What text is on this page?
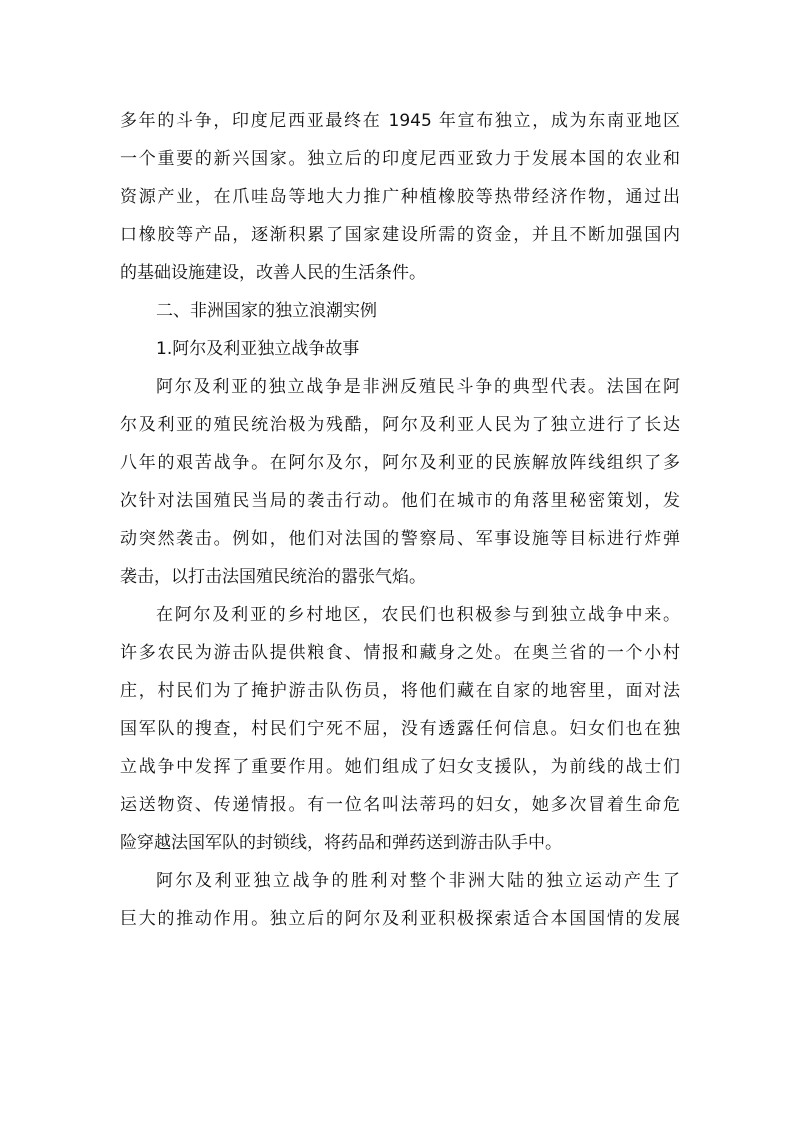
多年的斗争，印度尼西亚最终在 1945 年宣布独立，成为东南亚地区
一个重要的新兴国家。独立后的印度尼西亚致力于发展本国的农业和
资源产业，在爪哇岛等地大力推广种植橡胶等热带经济作物，通过出
口橡胶等产品，逐渐积累了国家建设所需的资金，并且不断加强国内
的基础设施建设，改善人民的生活条件。
二、非洲国家的独立浪潮实例
1.阿尔及利亚独立战争故事
阿尔及利亚的独立战争是非洲反殖民斗争的典型代表。法国在阿
尔及利亚的殖民统治极为残酷，阿尔及利亚人民为了独立进行了长达
八年的艰苦战争。在阿尔及尔，阿尔及利亚的民族解放阵线组织了多
次针对法国殖民当局的袭击行动。他们在城市的角落里秘密策划，发
动突然袭击。例如，他们对法国的警察局、军事设施等目标进行炸弹
袭击，以打击法国殖民统治的嚣张气焰。
在阿尔及利亚的乡村地区，农民们也积极参与到独立战争中来。
许多农民为游击队提供粮食、情报和藏身之处。在奥兰省的一个小村
庄，村民们为了掩护游击队伤员，将他们藏在自家的地窖里，面对法
国军队的搜查，村民们宁死不屈，没有透露任何信息。妇女们也在独
立战争中发挥了重要作用。她们组成了妇女支援队，为前线的战士们
运送物资、传递情报。有一位名叫法蒂玛的妇女，她多次冒着生命危
险穿越法国军队的封锁线，将药品和弹药送到游击队手中。
阿尔及利亚独立战争的胜利对整个非洲大陆的独立运动产生了
巨大的推动作用。独立后的阿尔及利亚积极探索适合本国国情的发展
